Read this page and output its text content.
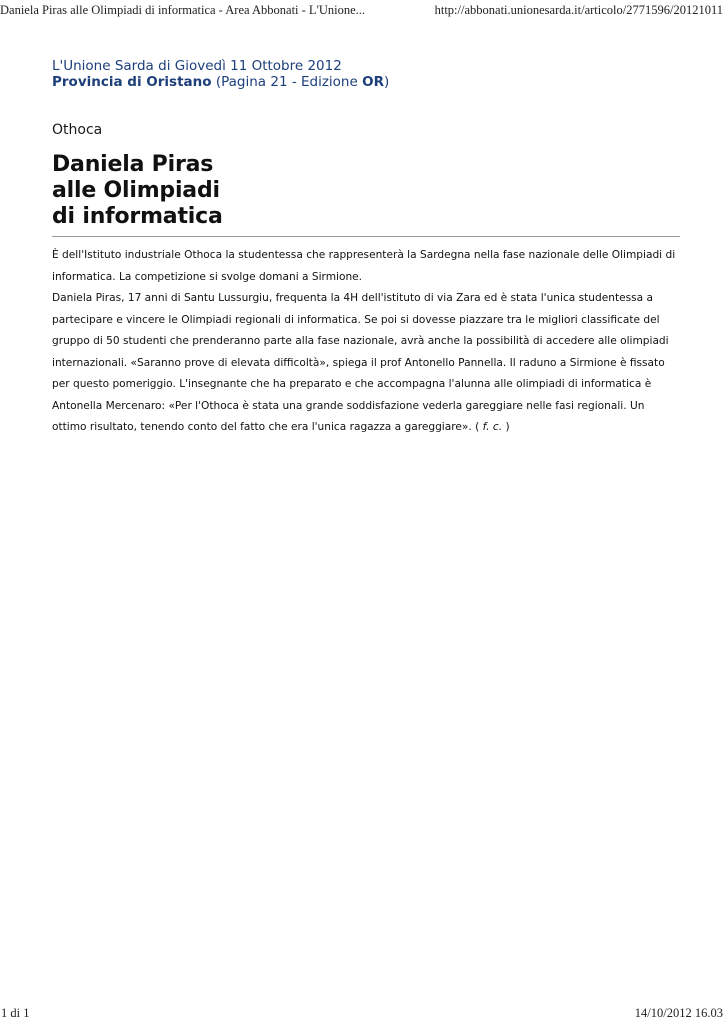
Daniela Piras alle Olimpiadi di informatica - Area Abbonati - L'Unione...	http://abbonati.unionesarda.it/articolo/2771596/20121011
L'Unione Sarda di Giovedì 11 Ottobre 2012
Provincia di Oristano (Pagina 21 - Edizione OR)
Othoca
Daniela Piras
alle Olimpiadi
di informatica

È dell'Istituto industriale Othoca la studentessa che rappresenterà la Sardegna nella fase nazionale delle Olimpiadi di informatica. La competizione si svolge domani a Sirmione.

Daniela Piras, 17 anni di Santu Lussurgiu, frequenta la 4H dell'istituto di via Zara ed è stata l'unica studentessa a partecipare e vincere le Olimpiadi regionali di informatica. Se poi si dovesse piazzare tra le migliori classificate del gruppo di 50 studenti che prenderanno parte alla fase nazionale, avrà anche la possibilità di accedere alle olimpiadi internazionali. «Saranno prove di elevata difficoltà», spiega il prof Antonello Pannella. Il raduno a Sirmione è fissato per questo pomeriggio. L'insegnante che ha preparato e che accompagna l'alunna alle olimpiadi di informatica è Antonella Mercenaro: «Per l'Othoca è stata una grande soddisfazione vederla gareggiare nelle fasi regionali. Un ottimo risultato, tenendo conto del fatto che era l'unica ragazza a gareggiare». ( f. c. )

1 di 1	14/10/2012 16.03
